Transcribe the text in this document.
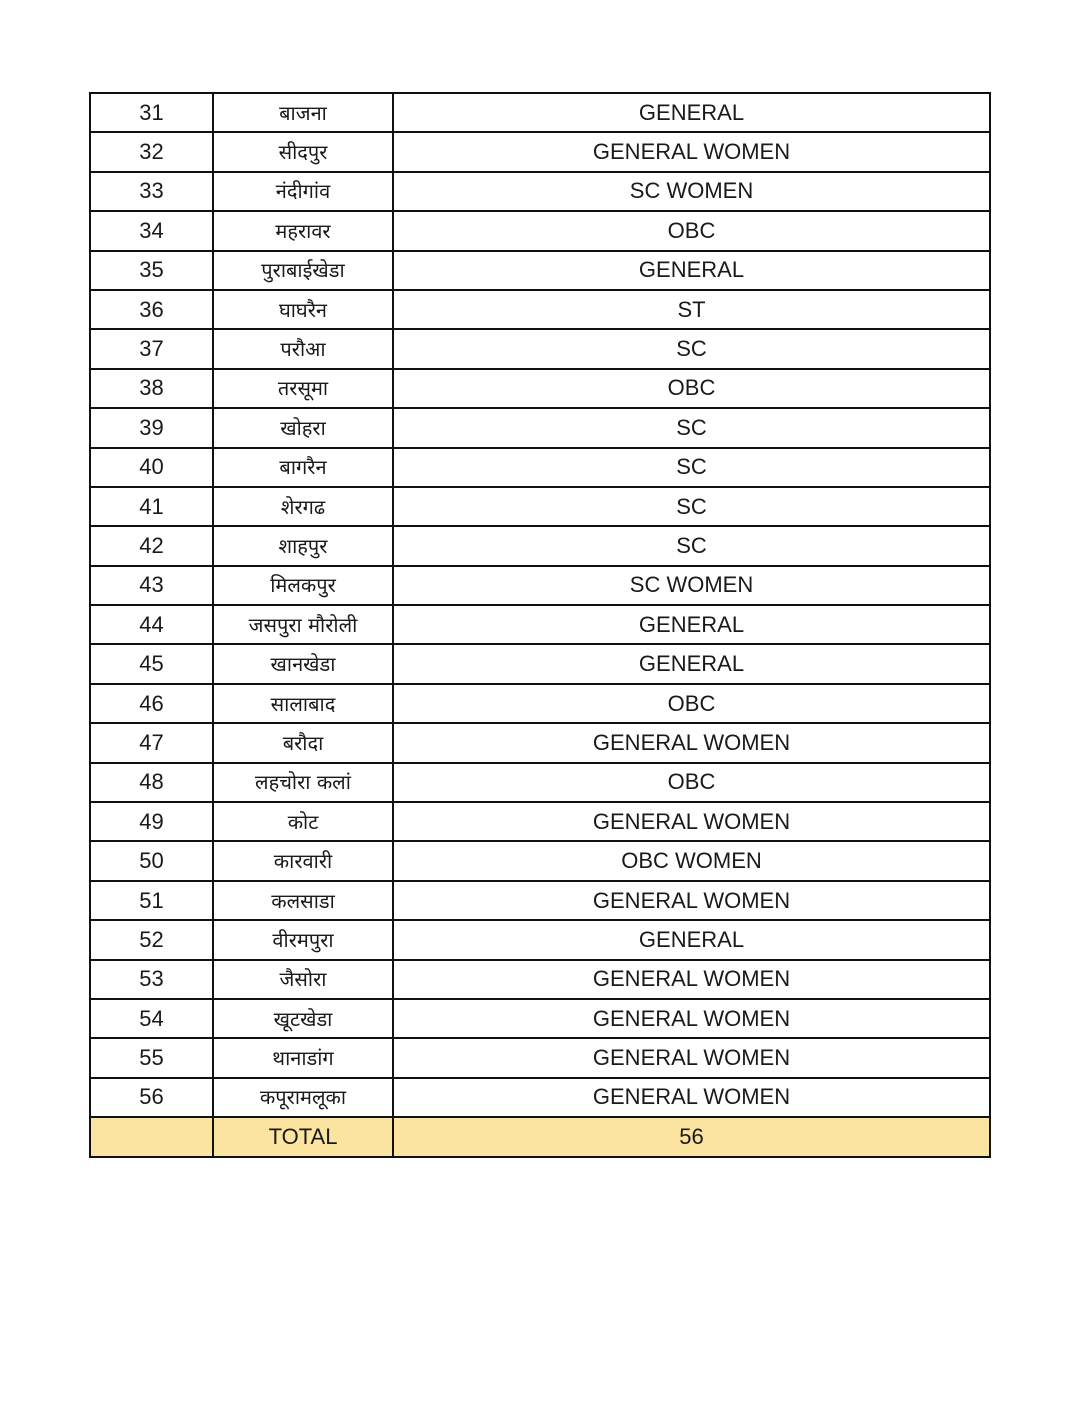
31	बाजना	GENERAL
32	सीदपुर	GENERAL WOMEN
33	नंदीगांव	SC WOMEN
34	महरावर	OBC
35	पुराबाईखेडा	GENERAL
36	घाघरैन	ST
37	परौआ	SC
38	तरसूमा	OBC
39	खोहरा	SC
40	बागरैन	SC
41	शेरगढ	SC
42	शाहपुर	SC
43	मिलकपुर	SC WOMEN
44	जसपुरा मौरोली	GENERAL
45	खानखेडा	GENERAL
46	सालाबाद	OBC
47	बरौदा	GENERAL WOMEN
48	लहचोरा कलां	OBC
49	कोट	GENERAL WOMEN
50	कारवारी	OBC WOMEN
51	कलसाडा	GENERAL WOMEN
52	वीरमपुरा	GENERAL
53	जैसोरा	GENERAL WOMEN
54	खूटखेडा	GENERAL WOMEN
55	थानाडांग	GENERAL WOMEN
56	कपूरामलूका	GENERAL WOMEN
	TOTAL	56
